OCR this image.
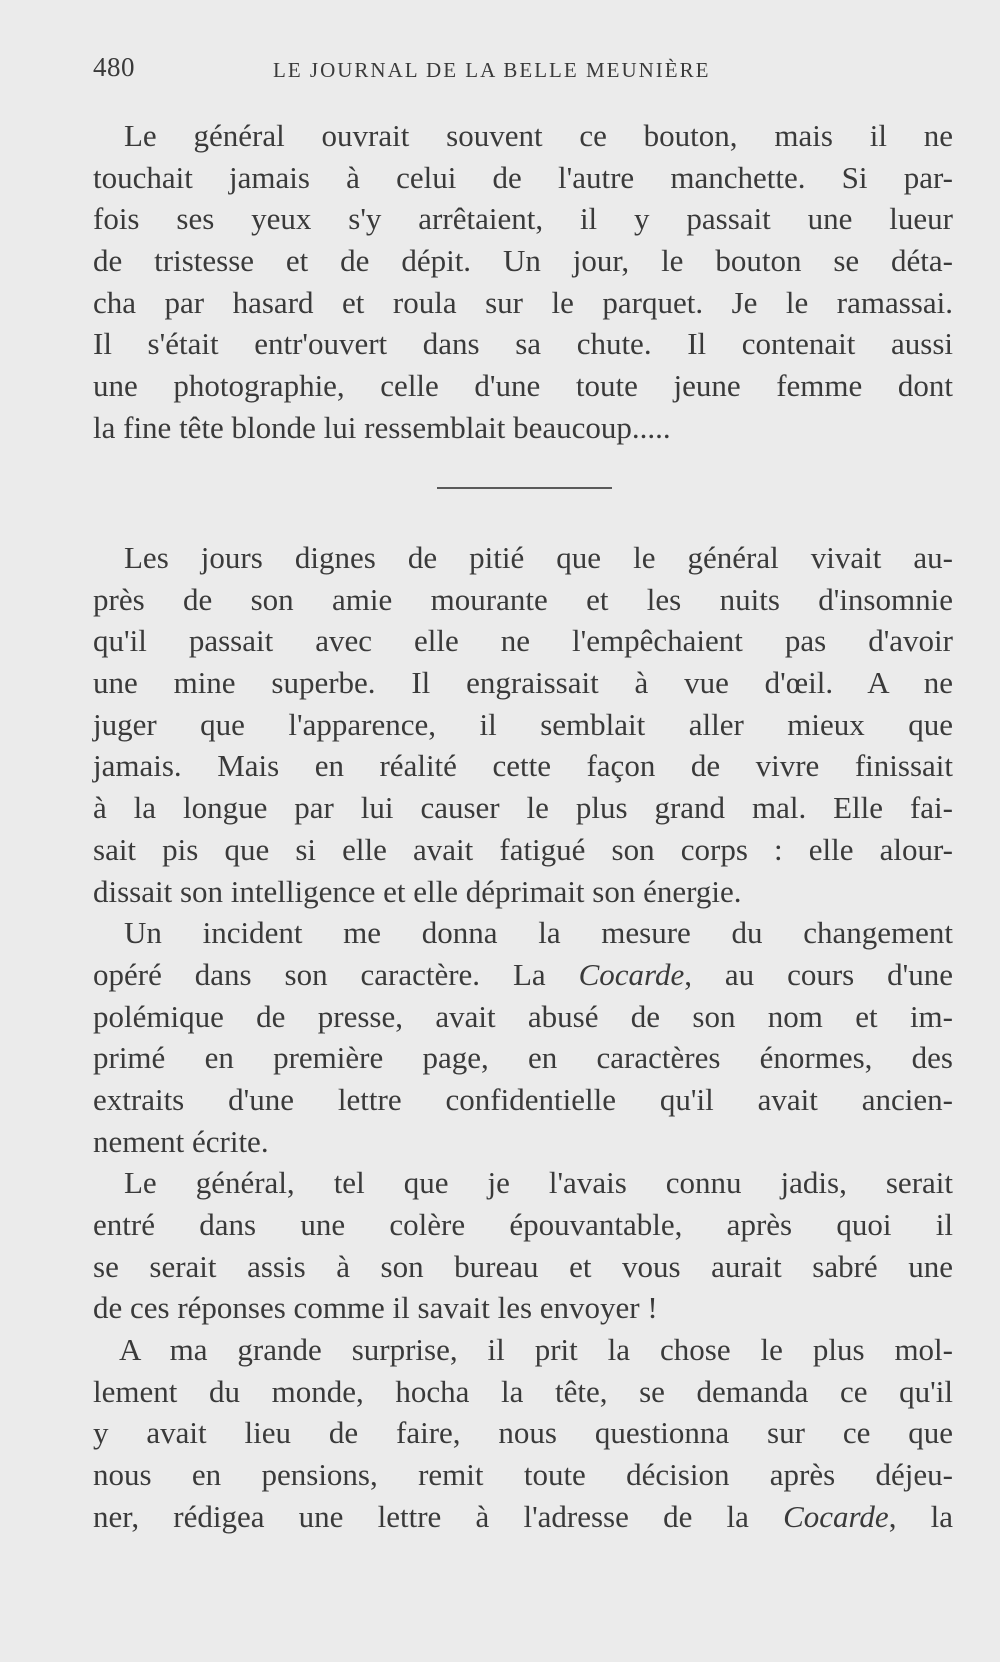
480	LE JOURNAL DE LA BELLE MEUNIÈRE
Le général ouvrait souvent ce bouton, mais il ne
touchait jamais à celui de l'autre manchette. Si par-
fois ses yeux s'y arrêtaient, il y passait une lueur
de tristesse et de dépit. Un jour, le bouton se déta-
cha par hasard et roula sur le parquet. Je le ramassai.
Il s'était entr'ouvert dans sa chute. Il contenait aussi
une photographie, celle d'une toute jeune femme dont
la fine tête blonde lui ressemblait beaucoup.....
Les jours dignes de pitié que le général vivait au-
près de son amie mourante et les nuits d'insomnie
qu'il passait avec elle ne l'empêchaient pas d'avoir
une mine superbe. Il engraissait à vue d'œil. A ne
juger que l'apparence, il semblait aller mieux que
jamais. Mais en réalité cette façon de vivre finissait
à la longue par lui causer le plus grand mal. Elle fai-
sait pis que si elle avait fatigué son corps : elle alour-
dissait son intelligence et elle déprimait son énergie.
Un incident me donna la mesure du changement
opéré dans son caractère. La Cocarde, au cours d'une
polémique de presse, avait abusé de son nom et im-
primé en première page, en caractères énormes, des
extraits d'une lettre confidentielle qu'il avait ancien-
nement écrite.
Le général, tel que je l'avais connu jadis, serait
entré dans une colère épouvantable, après quoi il
se serait assis à son bureau et vous aurait sabré une
de ces réponses comme il savait les envoyer !
A ma grande surprise, il prit la chose le plus mol-
lement du monde, hocha la tête, se demanda ce qu'il
y avait lieu de faire, nous questionna sur ce que
nous en pensions, remit toute décision après déjeu-
ner, rédigea une lettre à l'adresse de la Cocarde, la
